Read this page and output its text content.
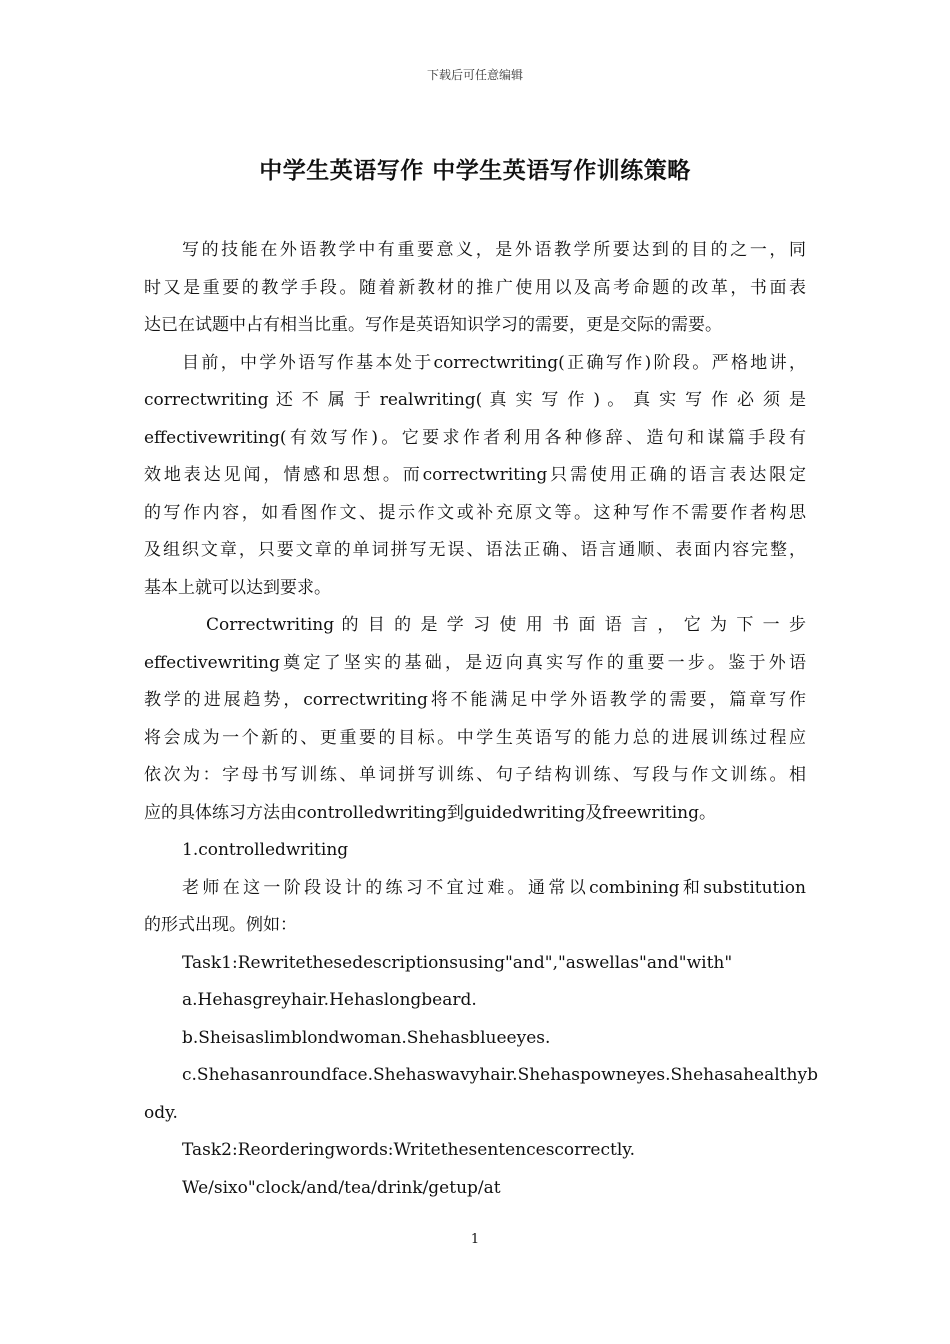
下载后可任意编辑
中学生英语写作 中学生英语写作训练策略

写的技能在外语教学中有重要意义，是外语教学所要达到的目的之一，同
时又是重要的教学手段。随着新教材的推广使用以及高考命题的改革，书面表
达已在试题中占有相当比重。写作是英语知识学习的需要，更是交际的需要。

目前，中学外语写作基本处于correctwriting(正确写作)阶段。严格地讲，
correctwriting 还 不 属 于 realwriting( 真 实 写 作 ) 。 真 实 写 作 必 须 是
effectivewriting(有效写作)。它要求作者利用各种修辞、造句和谋篇手段有
效地表达见闻，情感和思想。而correctwriting只需使用正确的语言表达限定
的写作内容，如看图作文、提示作文或补充原文等。这种写作不需要作者构思
及组织文章，只要文章的单词拼写无误、语法正确、语言通顺、表面内容完整，
基本上就可以达到要求。

Correctwriting 的 目 的 是 学 习 使 用 书 面 语 言 ， 它 为 下 一 步
effectivewriting奠定了坚实的基础，是迈向真实写作的重要一步。鉴于外语
教学的进展趋势，correctwriting将不能满足中学外语教学的需要，篇章写作
将会成为一个新的、更重要的目标。中学生英语写的能力总的进展训练过程应
依次为：字母书写训练、单词拼写训练、句子结构训练、写段与作文训练。相
应的具体练习方法由controlledwriting到guidedwriting及freewriting。

1.controlledwriting

老师在这一阶段设计的练习不宜过难。通常以combining和substitution
的形式出现。例如：

Task1:Rewritethesedescriptionsusing"and","aswellas"and"with"

a.Hehasgreyhair.Hehaslongbeard.

b.Sheisaslimblondwoman.Shehasblueeyes.

c.Shehasanroundface.Shehaswavyhair.Shehaspowneyes.Shehasahealthyb
ody.

Task2:Reorderingwords:Writethesentencescorrectly.

We/sixo"clock/and/tea/drink/getup/at

1
